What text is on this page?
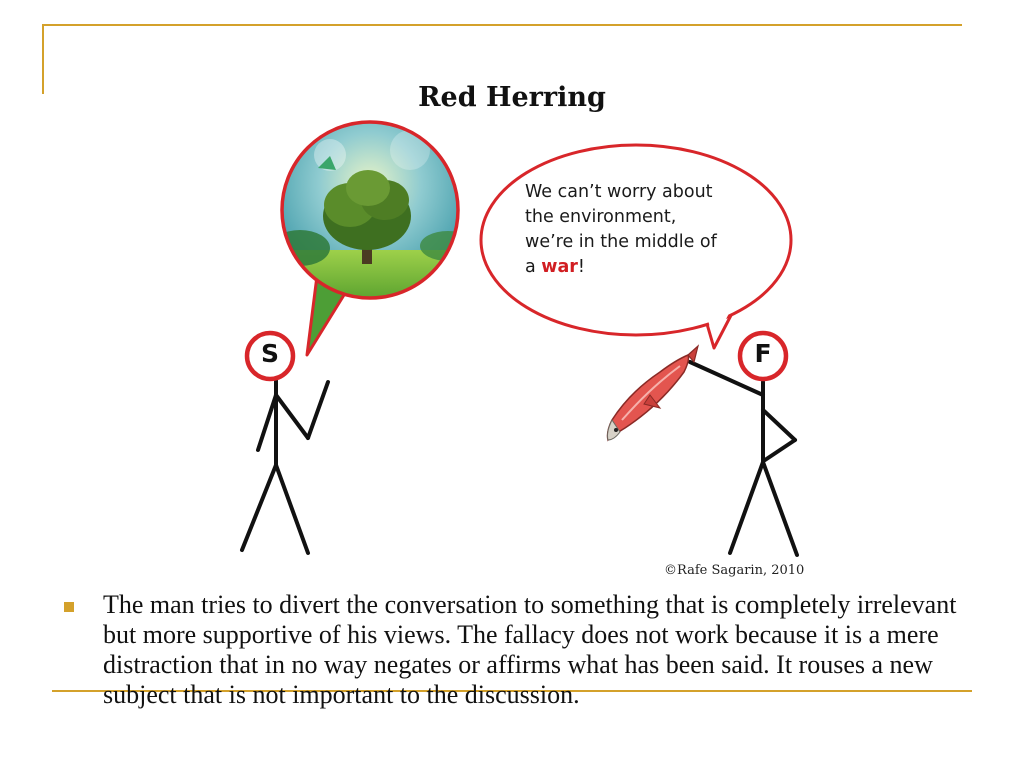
Red Herring
S	F
We can’t worry about
the environment,
we’re in the middle of
a war!
©Rafe Sagarin, 2010
The man tries to divert the conversation to something that is completely irrelevant but more supportive of his views. The fallacy does not work because it is a mere distraction that in no way negates or affirms what has been said. It rouses a new subject that is not important to the discussion.
